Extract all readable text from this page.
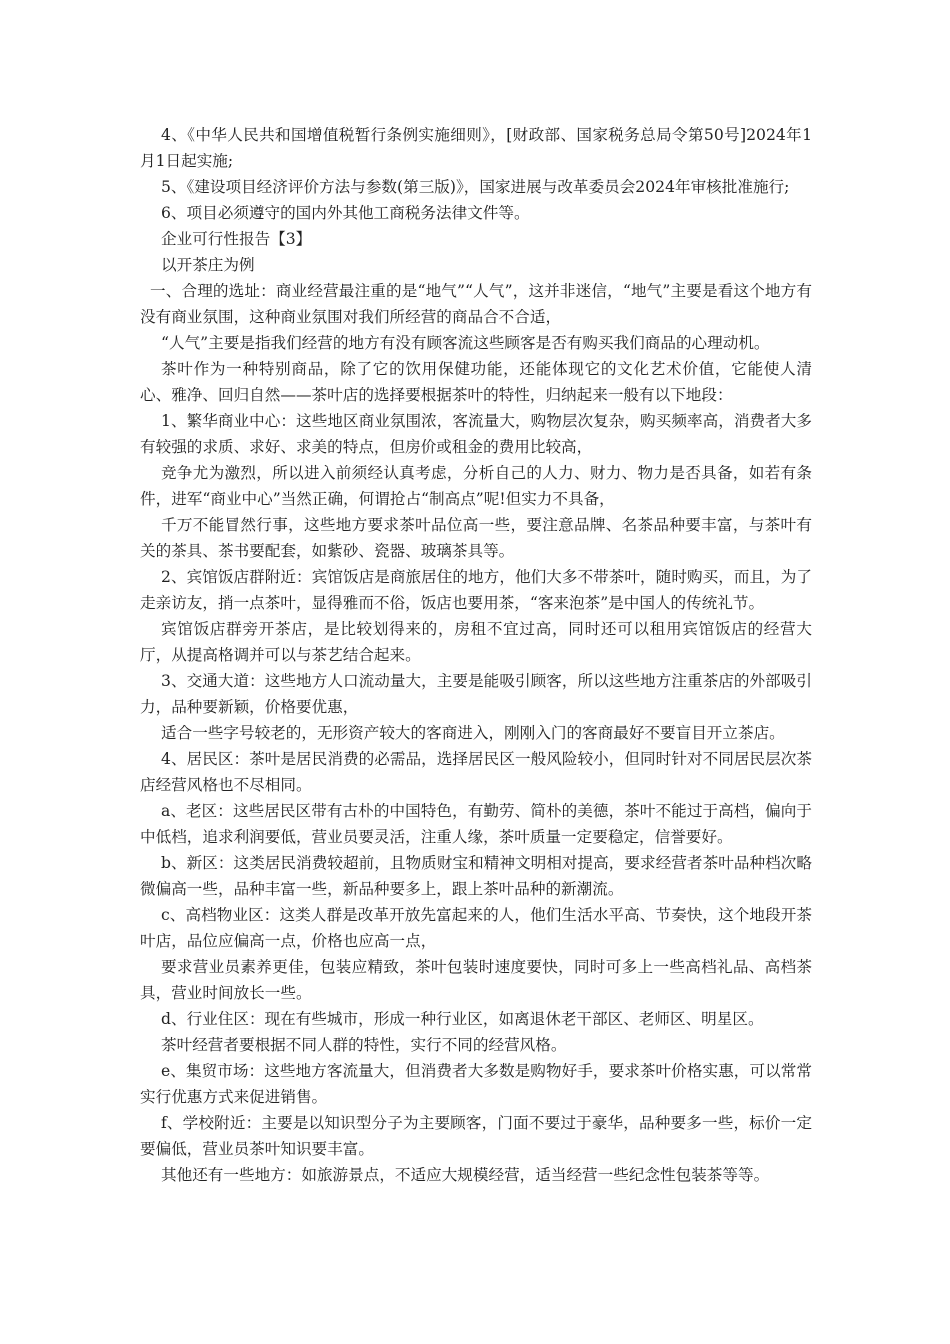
4、《中华人民共和国增值税暂行条例实施细则》，[财政部、国家税务总局令第50号]2024年1月1日起实施;

5、《建设项目经济评价方法与参数(第三版)》，国家进展与改革委员会2024年审核批准施行;

6、项目必须遵守的国内外其他工商税务法律文件等。

企业可行性报告【3】

以开茶庄为例

一、合理的选址：商业经营最注重的是“地气”“人气”，这并非迷信，“地气”主要是看这个地方有没有商业氛围，这种商业氛围对我们所经营的商品合不合适，

“人气”主要是指我们经营的地方有没有顾客流这些顾客是否有购买我们商品的心理动机。

茶叶作为一种特别商品，除了它的饮用保健功能，还能体现它的文化艺术价值，它能使人清心、雅净、回归自然——茶叶店的选择要根据茶叶的特性，归纳起来一般有以下地段：

1、繁华商业中心：这些地区商业氛围浓，客流量大，购物层次复杂，购买频率高，消费者大多有较强的求质、求好、求美的特点，但房价或租金的费用比较高，

竞争尤为激烈，所以进入前须经认真考虑，分析自己的人力、财力、物力是否具备，如若有条件，进军“商业中心”当然正确，何谓抢占“制高点”呢!但实力不具备，

千万不能冒然行事，这些地方要求茶叶品位高一些，要注意品牌、名茶品种要丰富，与茶叶有关的茶具、茶书要配套，如紫砂、瓷器、玻璃茶具等。

2、宾馆饭店群附近：宾馆饭店是商旅居住的地方，他们大多不带茶叶，随时购买，而且，为了走亲访友，捎一点茶叶，显得雅而不俗，饭店也要用茶，“客来泡茶”是中国人的传统礼节。

宾馆饭店群旁开茶店，是比较划得来的，房租不宜过高，同时还可以租用宾馆饭店的经营大厅，从提高格调并可以与茶艺结合起来。

3、交通大道：这些地方人口流动量大，主要是能吸引顾客，所以这些地方注重茶店的外部吸引力，品种要新颖，价格要优惠，

适合一些字号较老的，无形资产较大的客商进入，刚刚入门的客商最好不要盲目开立茶店。

4、居民区：茶叶是居民消费的必需品，选择居民区一般风险较小，但同时针对不同居民层次茶店经营风格也不尽相同。

a、老区：这些居民区带有古朴的中国特色，有勤劳、简朴的美德，茶叶不能过于高档，偏向于中低档，追求利润要低，营业员要灵活，注重人缘，茶叶质量一定要稳定，信誉要好。

b、新区：这类居民消费较超前，且物质财宝和精神文明相对提高，要求经营者茶叶品种档次略微偏高一些，品种丰富一些，新品种要多上，跟上茶叶品种的新潮流。

c、高档物业区：这类人群是改革开放先富起来的人，他们生活水平高、节奏快，这个地段开茶叶店，品位应偏高一点，价格也应高一点，

要求营业员素养更佳，包装应精致，茶叶包装时速度要快，同时可多上一些高档礼品、高档茶具，营业时间放长一些。

d、行业住区：现在有些城市，形成一种行业区，如离退休老干部区、老师区、明星区。

茶叶经营者要根据不同人群的特性，实行不同的经营风格。

e、集贸市场：这些地方客流量大，但消费者大多数是购物好手，要求茶叶价格实惠，可以常常实行优惠方式来促进销售。

f、学校附近：主要是以知识型分子为主要顾客，门面不要过于豪华，品种要多一些，标价一定要偏低，营业员茶叶知识要丰富。

其他还有一些地方：如旅游景点，不适应大规模经营，适当经营一些纪念性包装茶等等。
